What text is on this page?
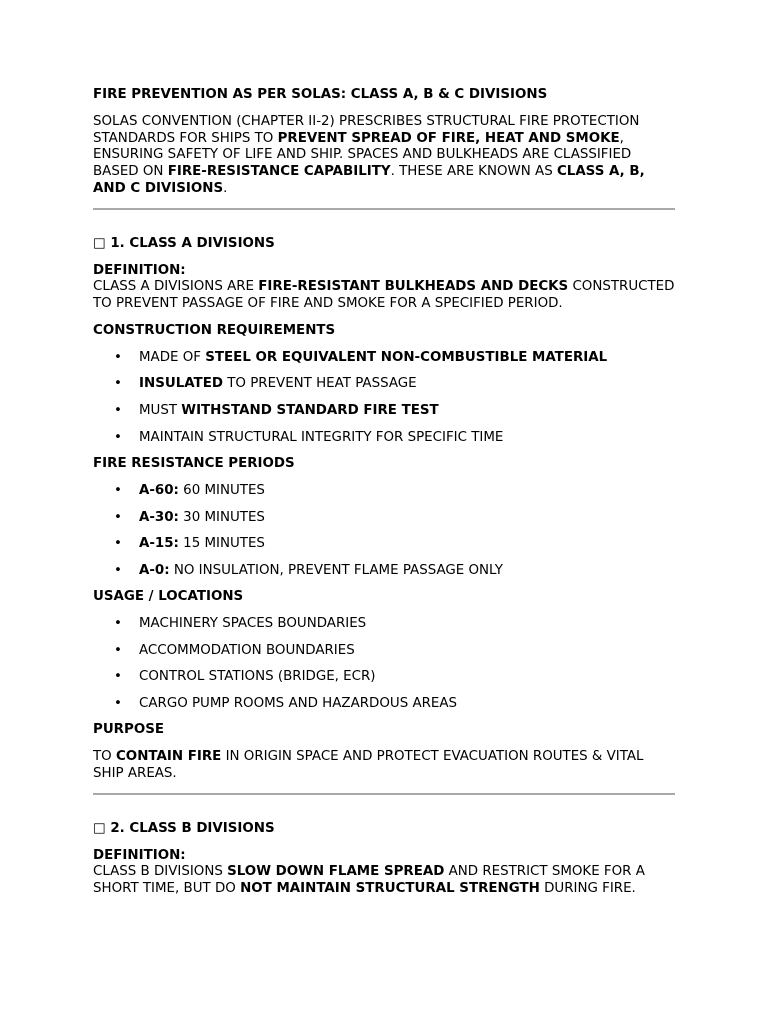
FIRE PREVENTION AS PER SOLAS: CLASS A, B & C DIVISIONS

SOLAS CONVENTION (CHAPTER II-2) PRESCRIBES STRUCTURAL FIRE PROTECTION STANDARDS FOR SHIPS TO PREVENT SPREAD OF FIRE, HEAT AND SMOKE, ENSURING SAFETY OF LIFE AND SHIP. SPACES AND BULKHEADS ARE CLASSIFIED BASED ON FIRE-RESISTANCE CAPABILITY. THESE ARE KNOWN AS CLASS A, B, AND C DIVISIONS.

□ 1. CLASS A DIVISIONS

DEFINITION:

CLASS A DIVISIONS ARE FIRE-RESISTANT BULKHEADS AND DECKS CONSTRUCTED TO PREVENT PASSAGE OF FIRE AND SMOKE FOR A SPECIFIED PERIOD.

CONSTRUCTION REQUIREMENTS

• MADE OF STEEL OR EQUIVALENT NON-COMBUSTIBLE MATERIAL
• INSULATED TO PREVENT HEAT PASSAGE
• MUST WITHSTAND STANDARD FIRE TEST
• MAINTAIN STRUCTURAL INTEGRITY FOR SPECIFIC TIME

FIRE RESISTANCE PERIODS

• A-60: 60 MINUTES
• A-30: 30 MINUTES
• A-15: 15 MINUTES
• A-0: NO INSULATION, PREVENT FLAME PASSAGE ONLY

USAGE / LOCATIONS

• MACHINERY SPACES BOUNDARIES
• ACCOMMODATION BOUNDARIES
• CONTROL STATIONS (BRIDGE, ECR)
• CARGO PUMP ROOMS AND HAZARDOUS AREAS

PURPOSE

TO CONTAIN FIRE IN ORIGIN SPACE AND PROTECT EVACUATION ROUTES & VITAL SHIP AREAS.

□ 2. CLASS B DIVISIONS

DEFINITION:

CLASS B DIVISIONS SLOW DOWN FLAME SPREAD AND RESTRICT SMOKE FOR A SHORT TIME, BUT DO NOT MAINTAIN STRUCTURAL STRENGTH DURING FIRE.
